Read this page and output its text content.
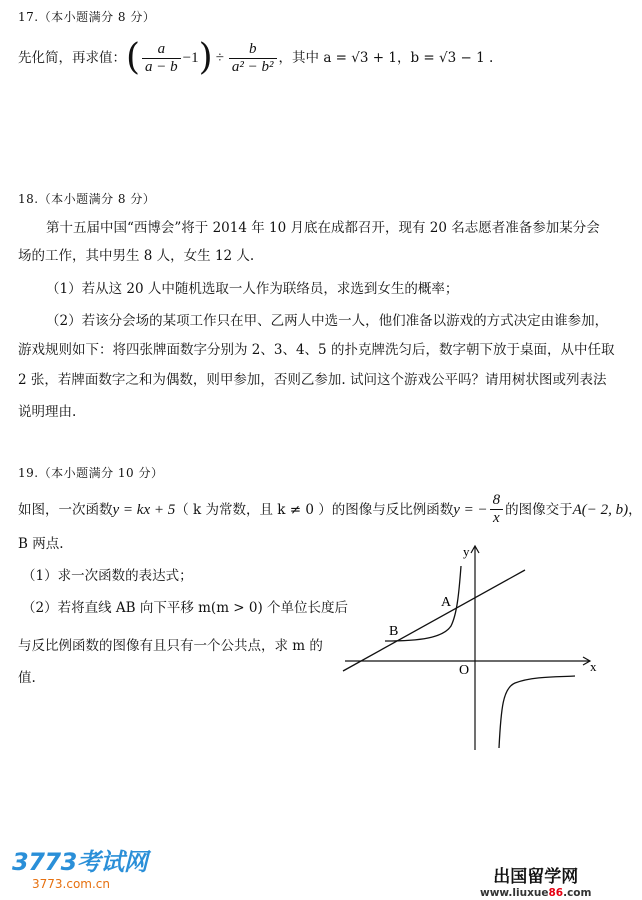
17.（本小题满分 8 分）
先化简，再求值： ( $\frac{a}{a - b} -1$ ) ÷ $\frac{b}{\text{a² − b²}}$ ，其中 a = √3 + 1，b = √3 − 1 .
18.（本小题满分 8 分）
第十五届中国“西博会”将于 2014 年 10 月底在成都召开，现有 20 名志愿者准备参加某分会
场的工作，其中男生 8 人，女生 12 人.
（1）若从这 20 人中随机选取一人作为联络员，求选到女生的概率；
（2）若该分会场的某项工作只在甲、乙两人中选一人，他们准备以游戏的方式决定由谁参加，
游戏规则如下：将四张牌面数字分别为 2、3、4、5 的扑克牌洗匀后，数字朝下放于桌面，从中任取
2 张，若牌面数字之和为偶数，则甲参加，否则乙参加. 试问这个游戏公平吗？请用树状图或列表法
说明理由.
19.（本小题满分 10 分）
如图，一次函数 y = kx + 5 （ k 为常数，且 k ≠ 0 ）的图像与反比例函数 y = − $\frac{8}{x}$ 的图像交于 A(− 2, b) ，
B 两点.
（1）求一次函数的表达式；
（2）若将直线 AB 向下平移 m(m > 0) 个单位长度后
与反比例函数的图像有且只有一个公共点，求 m 的
值.
y
x
O
A
B
3773考试网
3773.com.cn	出国留学网
www.liuxue86.com
